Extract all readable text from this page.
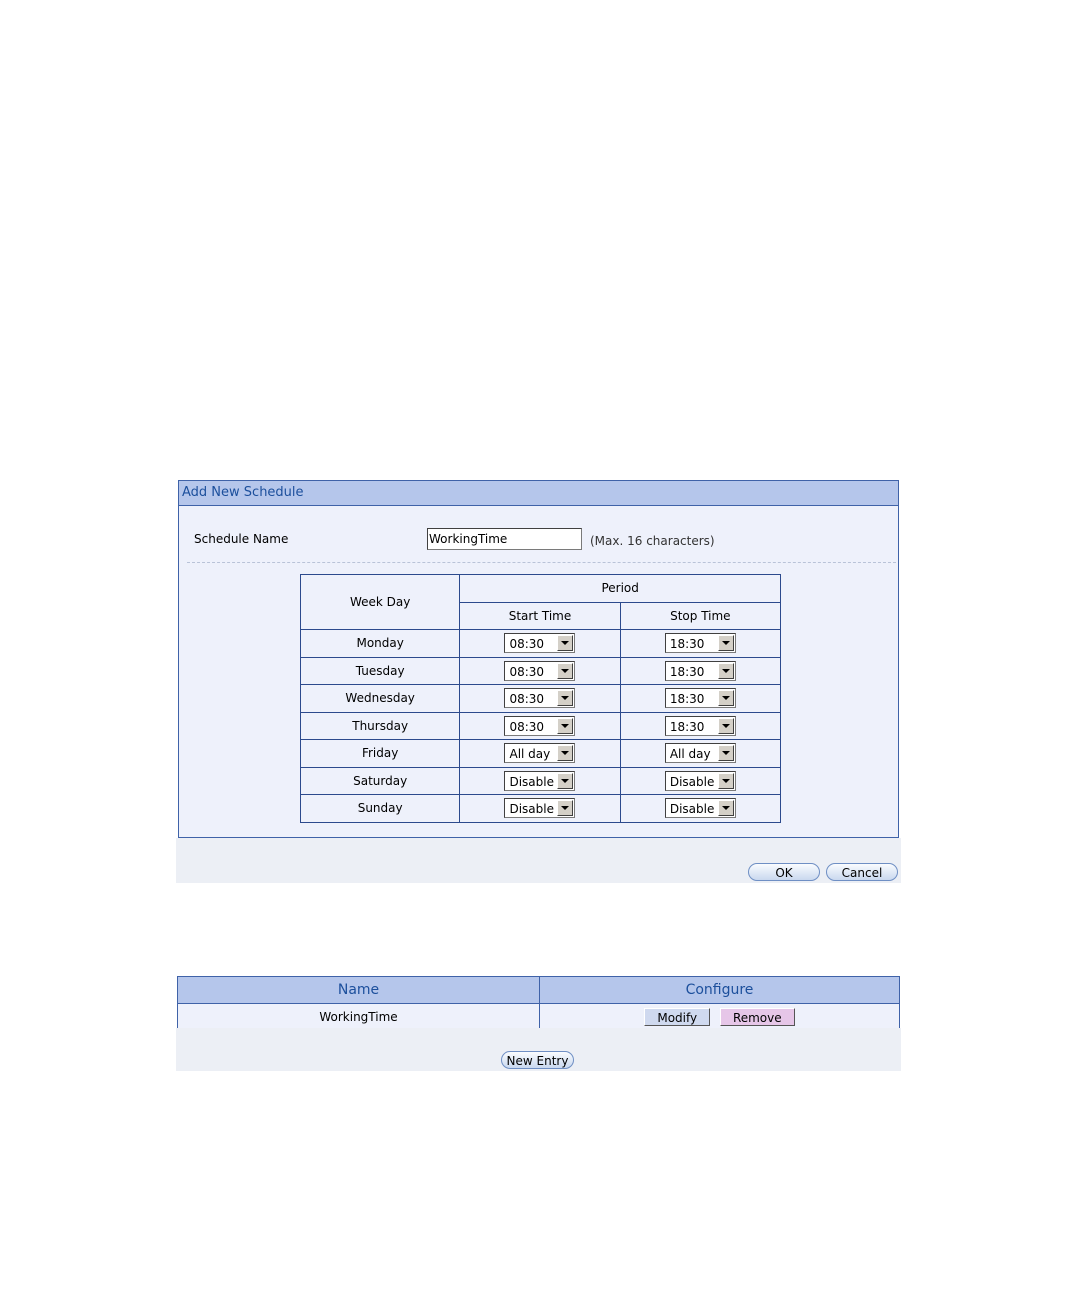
Add New Schedule
Schedule Name
WorkingTime	(Max. 16 characters)
Week Day	Period	
	Start Time	Stop Time
Monday	08:30	18:30

Tuesday	08:30	18:30

Wednesday	08:30	18:30

Thursday	08:30	18:30

Friday	All day	All day

Saturday	Disable	Disable

Sunday	Disable	Disable
OK	Cancel
Name	Configure
WorkingTime	Modify Remove
New Entry
